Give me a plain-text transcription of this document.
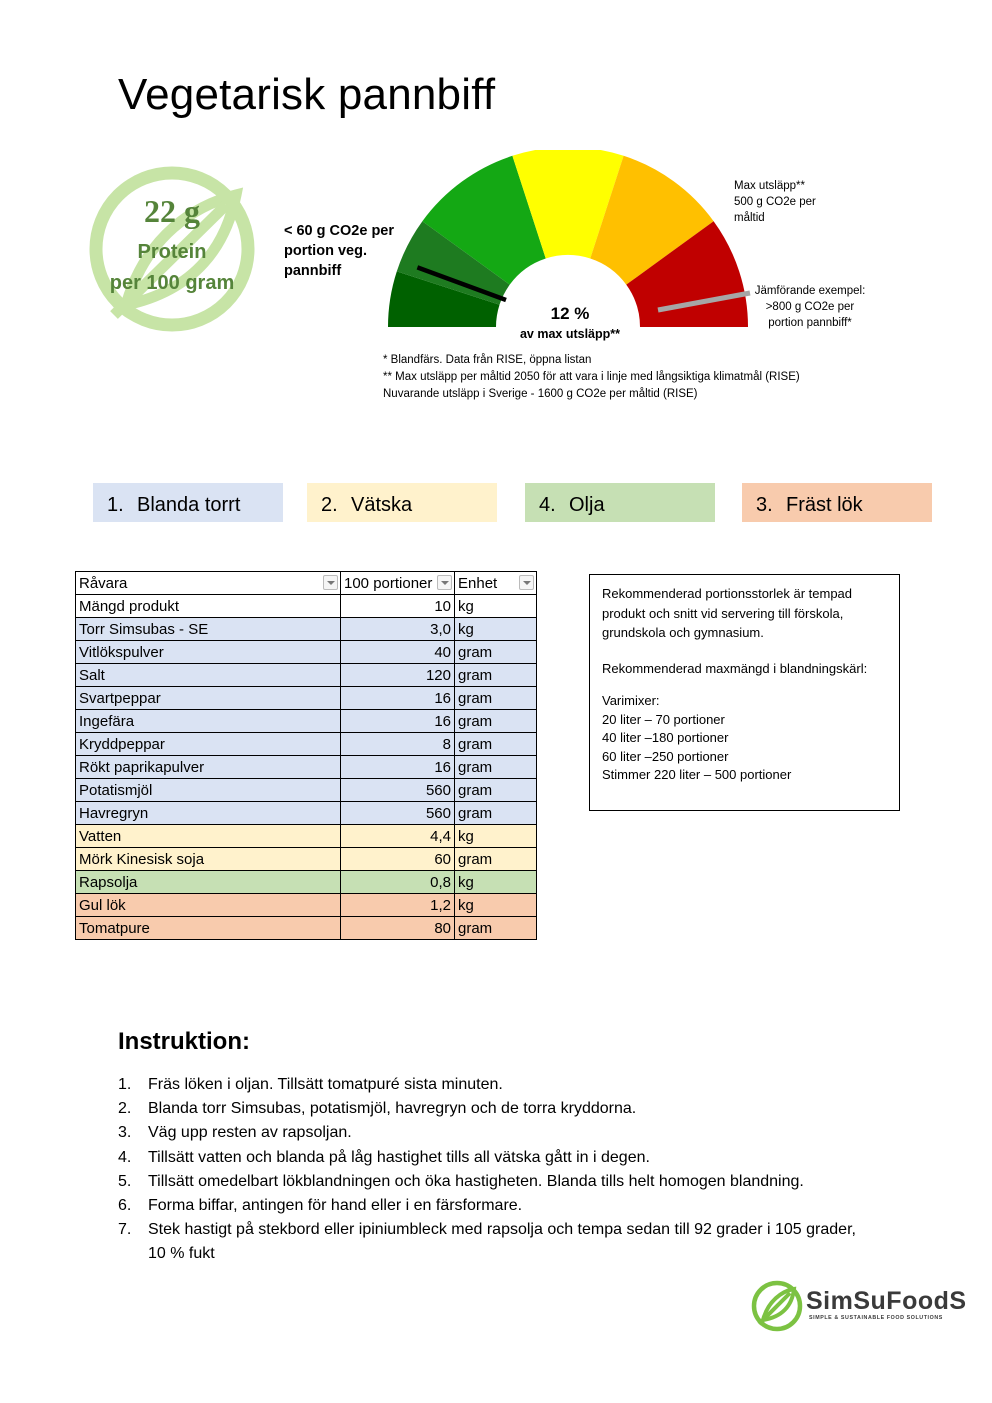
Vegetarisk pannbiff
22 g
Protein
per 100 gram
< 60 g CO2e per portion veg. pannbiff
12 %
av max utsläpp**
Max utsläpp**
500 g CO2e per
måltid
Jämförande exempel: >800 g CO2e per portion pannbiff*
* Blandfärs. Data från RISE, öppna listan
** Max utsläpp per måltid 2050 för att vara i linje med långsiktiga klimatmål (RISE)
Nuvarande utsläpp i Sverige - 1600 g CO2e per måltid (RISE)
1. Blanda torrt	2. Vätska	4. Olja	3. Fräst lök
Råvara	100 portioner	Enhet

Mängd produkt	10	kg
Torr Simsubas - SE	3,0	kg
Vitlökspulver	40	gram
Salt	120	gram
Svartpeppar	16	gram
Ingefära	16	gram
Kryddpeppar	8	gram
Rökt paprikapulver	16	gram
Potatismjöl	560	gram
Havregryn	560	gram
Vatten	4,4	kg
Mörk Kinesisk soja	60	gram
Rapsolja	0,8	kg
Gul lök	1,2	kg
Tomatpure	80	gram

Rekommenderad portionsstorlek är tempad produkt och snitt vid servering till förskola, grundskola och gymnasium.

Rekommenderad maxmängd i blandningskärl:

Varimixer:

20 liter – 70 portioner

40 liter –180 portioner

60 liter –250 portioner

Stimmer 220 liter – 500 portioner

Instruktion:
1.	Fräs löken i oljan. Tillsätt tomatpuré sista minuten.
2.	Blanda torr Simsubas, potatismjöl, havregryn och de torra kryddorna.
3.	Väg upp resten av rapsoljan.
4.	Tillsätt vatten och blanda på låg hastighet tills all vätska gått in i degen.
5.	Tillsätt omedelbart lökblandningen och öka hastigheten. Blanda tills helt homogen blandning.
6.	Forma biffar, antingen för hand eller i en färsformare.
7.	Stek hastigt på stekbord eller ipiniumbleck med rapsolja och tempa sedan till 92 grader i 105 grader, 10 % fukt
SimSuFoodS
SIMPLE & SUSTAINABLE FOOD SOLUTIONS
